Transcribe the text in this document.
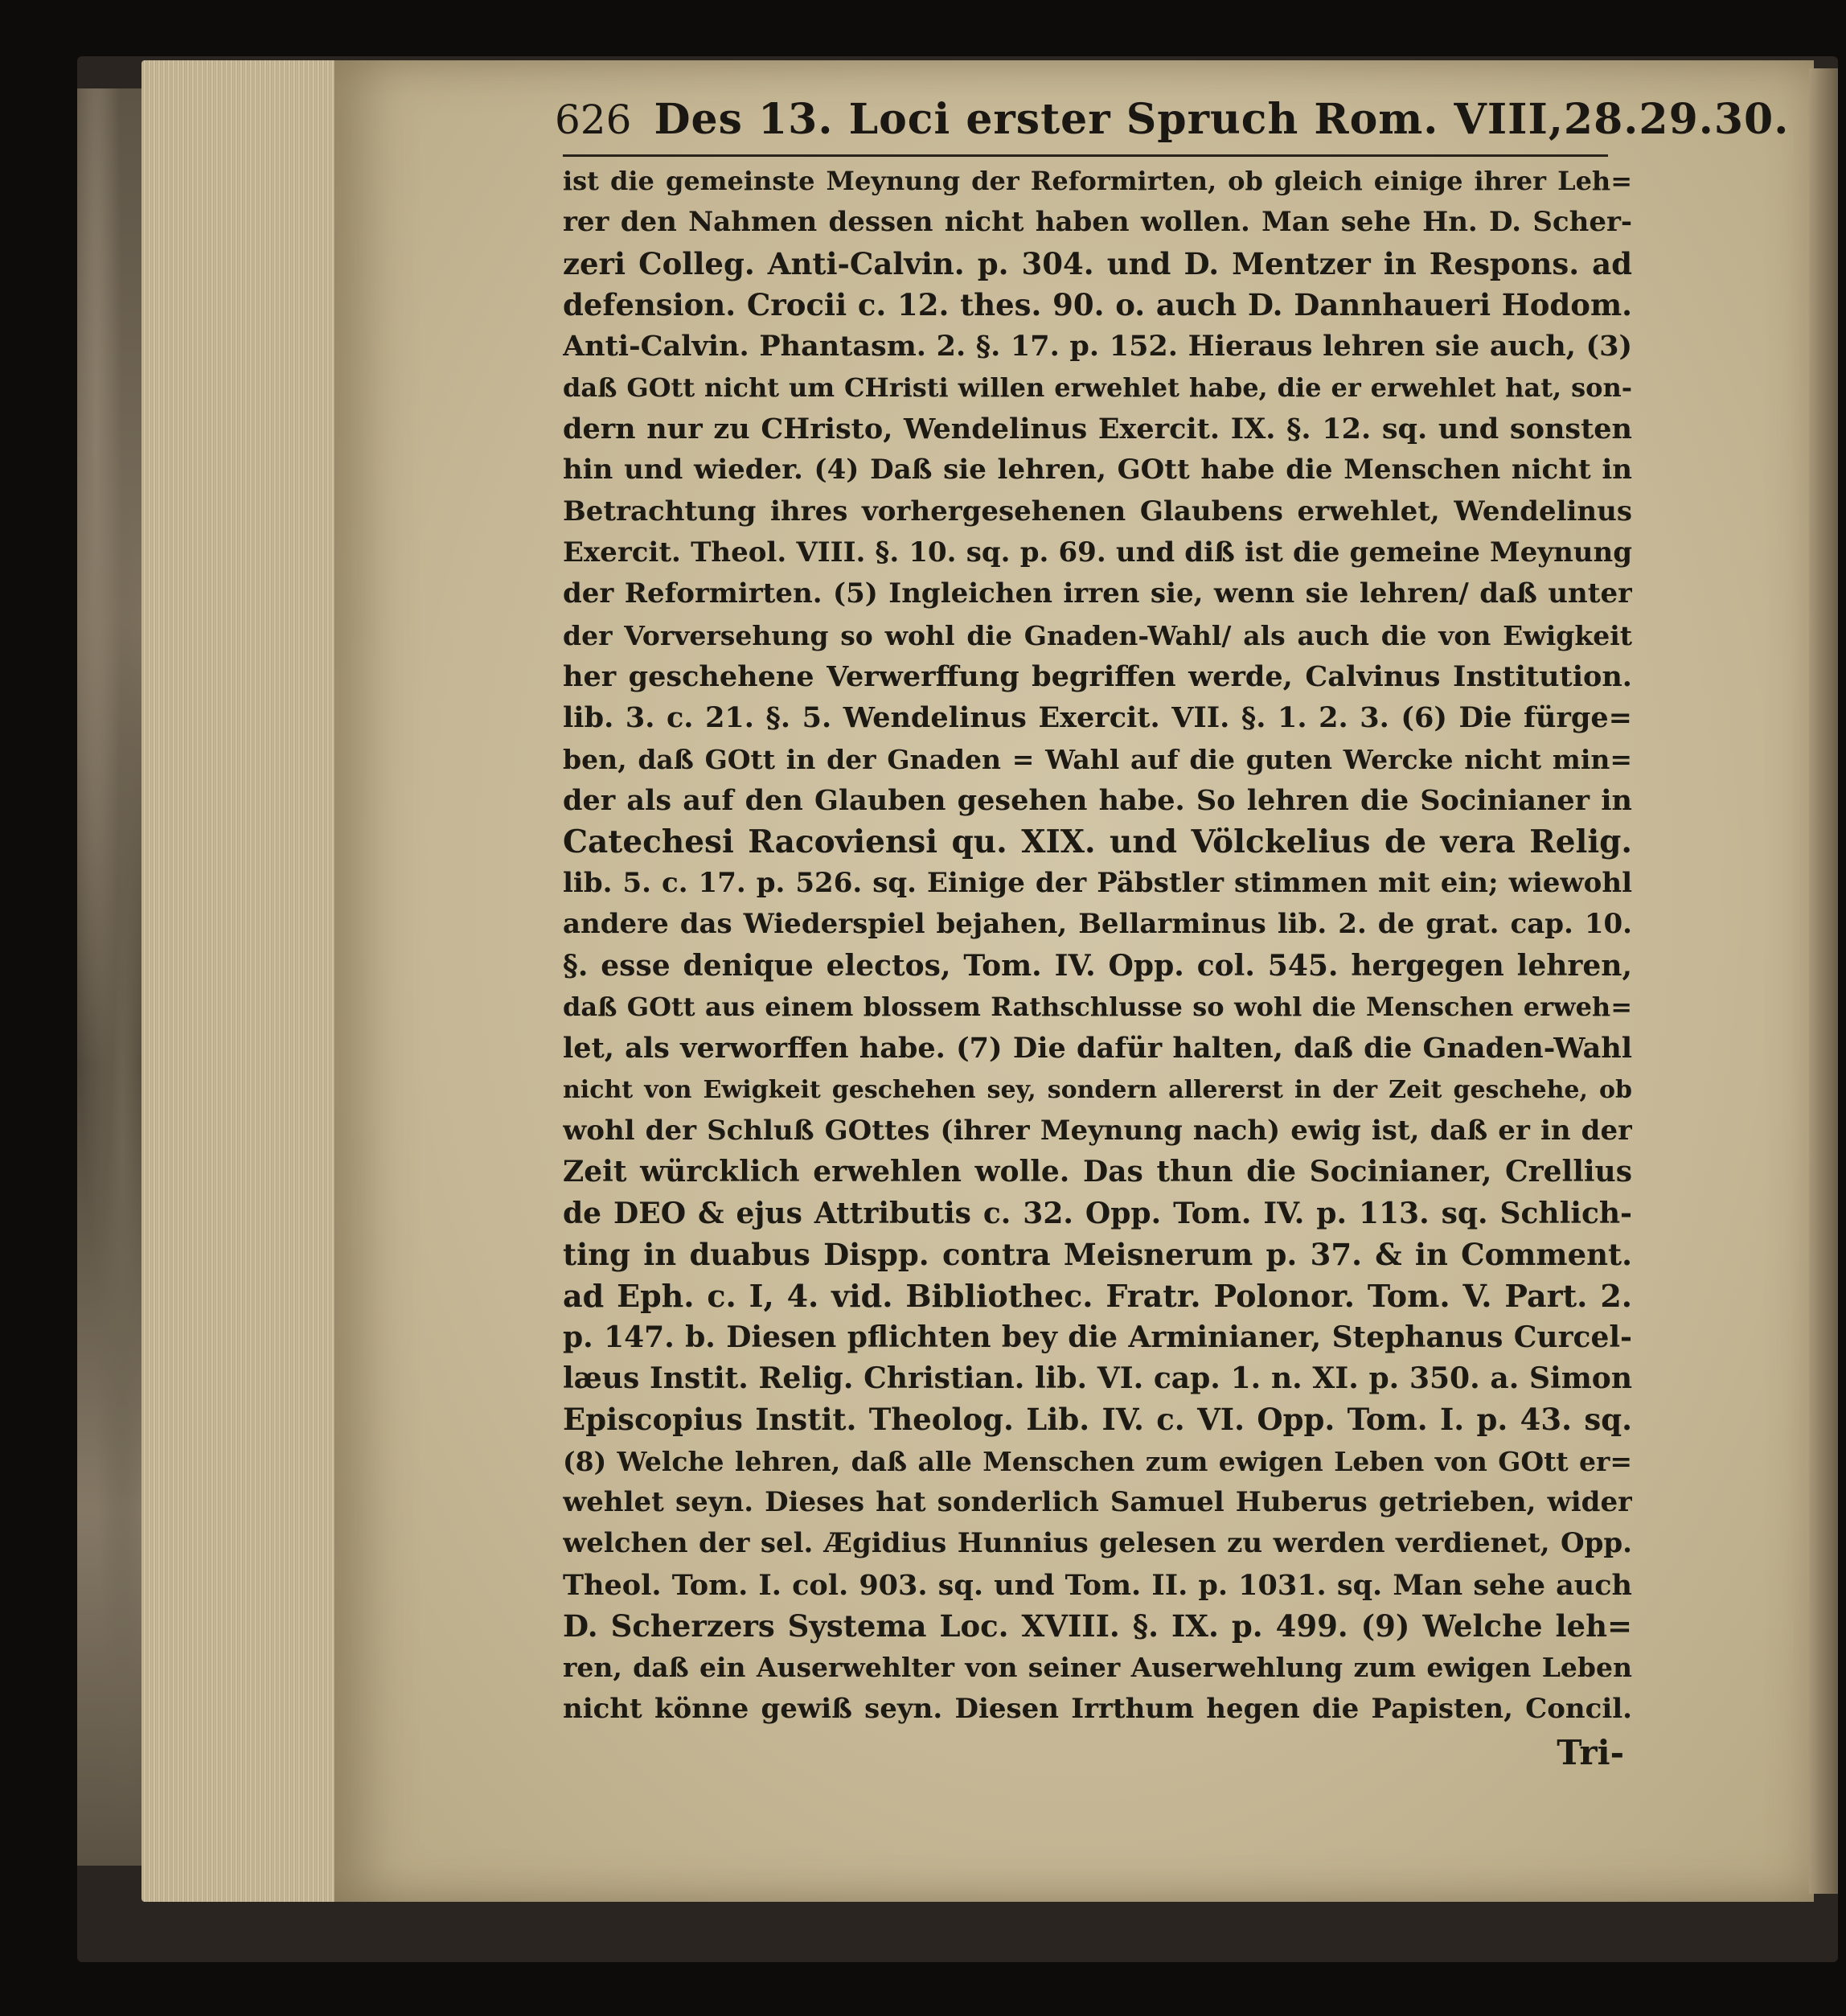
626 Des 13. Loci erster Spruch Rom. VIII,28.29.30.
ist die gemeinste Meynung der Reformirten, ob gleich einige ihrer Leh=
rer den Nahmen dessen nicht haben wollen. Man sehe Hn. D. Scher-
zeri Colleg. Anti-Calvin. p. 304. und D. Mentzer in Respons. ad
defension. Crocii c. 12. thes. 90. o. auch D. Dannhaueri Hodom.
Anti-Calvin. Phantasm. 2. §. 17. p. 152. Hieraus lehren sie auch, (3)
daß GOtt nicht um CHristi willen erwehlet habe, die er erwehlet hat, son-
dern nur zu CHristo, Wendelinus Exercit. IX. §. 12. sq. und sonsten
hin und wieder. (4) Daß sie lehren, GOtt habe die Menschen nicht in
Betrachtung ihres vorhergesehenen Glaubens erwehlet, Wendelinus
Exercit. Theol. VIII. §. 10. sq. p. 69. und diß ist die gemeine Meynung
der Reformirten. (5) Ingleichen irren sie, wenn sie lehren/ daß unter
der Vorversehung so wohl die Gnaden-Wahl/ als auch die von Ewigkeit
her geschehene Verwerffung begriffen werde, Calvinus Institution.
lib. 3. c. 21. §. 5. Wendelinus Exercit. VII. §. 1. 2. 3. (6) Die fürge=
ben, daß GOtt in der Gnaden = Wahl auf die guten Wercke nicht min=
der als auf den Glauben gesehen habe. So lehren die Socinianer in
Catechesi Racoviensi qu. XIX. und Völckelius de vera Relig.
lib. 5. c. 17. p. 526. sq. Einige der Päbstler stimmen mit ein; wiewohl
andere das Wiederspiel bejahen, Bellarminus lib. 2. de grat. cap. 10.
§. esse denique electos, Tom. IV. Opp. col. 545. hergegen lehren,
daß GOtt aus einem blossem Rathschlusse so wohl die Menschen erweh=
let, als verworffen habe. (7) Die dafür halten, daß die Gnaden-Wahl
nicht von Ewigkeit geschehen sey, sondern allererst in der Zeit geschehe, ob
wohl der Schluß GOttes (ihrer Meynung nach) ewig ist, daß er in der
Zeit würcklich erwehlen wolle. Das thun die Socinianer, Crellius
de DEO & ejus Attributis c. 32. Opp. Tom. IV. p. 113. sq. Schlich-
ting in duabus Dispp. contra Meisnerum p. 37. & in Comment.
ad Eph. c. I, 4. vid. Bibliothec. Fratr. Polonor. Tom. V. Part. 2.
p. 147. b. Diesen pflichten bey die Arminianer, Stephanus Curcel-
læus Instit. Relig. Christian. lib. VI. cap. 1. n. XI. p. 350. a. Simon
Episcopius Instit. Theolog. Lib. IV. c. VI. Opp. Tom. I. p. 43. sq.
(8) Welche lehren, daß alle Menschen zum ewigen Leben von GOtt er=
wehlet seyn. Dieses hat sonderlich Samuel Huberus getrieben, wider
welchen der sel. Ægidius Hunnius gelesen zu werden verdienet, Opp.
Theol. Tom. I. col. 903. sq. und Tom. II. p. 1031. sq. Man sehe auch
D. Scherzers Systema Loc. XVIII. §. IX. p. 499. (9) Welche leh=
ren, daß ein Auserwehlter von seiner Auserwehlung zum ewigen Leben
nicht könne gewiß seyn. Diesen Irrthum hegen die Papisten, Concil.
Tri-
